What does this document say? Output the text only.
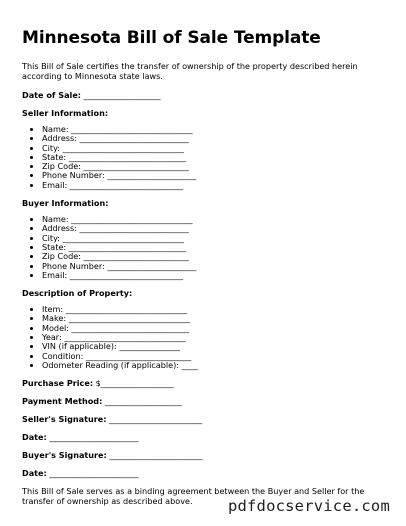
Minnesota Bill of Sale Template

This Bill of Sale certifies the transfer of ownership of the property described herein according to Minnesota state laws.

Date of Sale: ___________________
Seller Information:
• Name: ______________________________
• Address: ___________________________
• City: ______________________________
• State: _____________________________
• Zip Code: __________________________
• Phone Number: ______________________
• Email: ____________________________
Buyer Information:
• Name: ______________________________
• Address: ___________________________
• City: ______________________________
• State: _____________________________
• Zip Code: __________________________
• Phone Number: ______________________
• Email: ____________________________
Description of Property:
• Item: ______________________________
• Make: ______________________________
• Model: _____________________________
• Year: ______________________________
• VIN (if applicable): _______________
• Condition: __________________________
• Odometer Reading (if applicable): ____
Purchase Price: $__________________
Payment Method: ___________________
Seller's Signature: _______________________
Date: ______________________
Buyer's Signature: _______________________
Date: ______________________

This Bill of Sale serves as a binding agreement between the Buyer and Seller for the transfer of ownership as described above.	pdfdocservice.com
